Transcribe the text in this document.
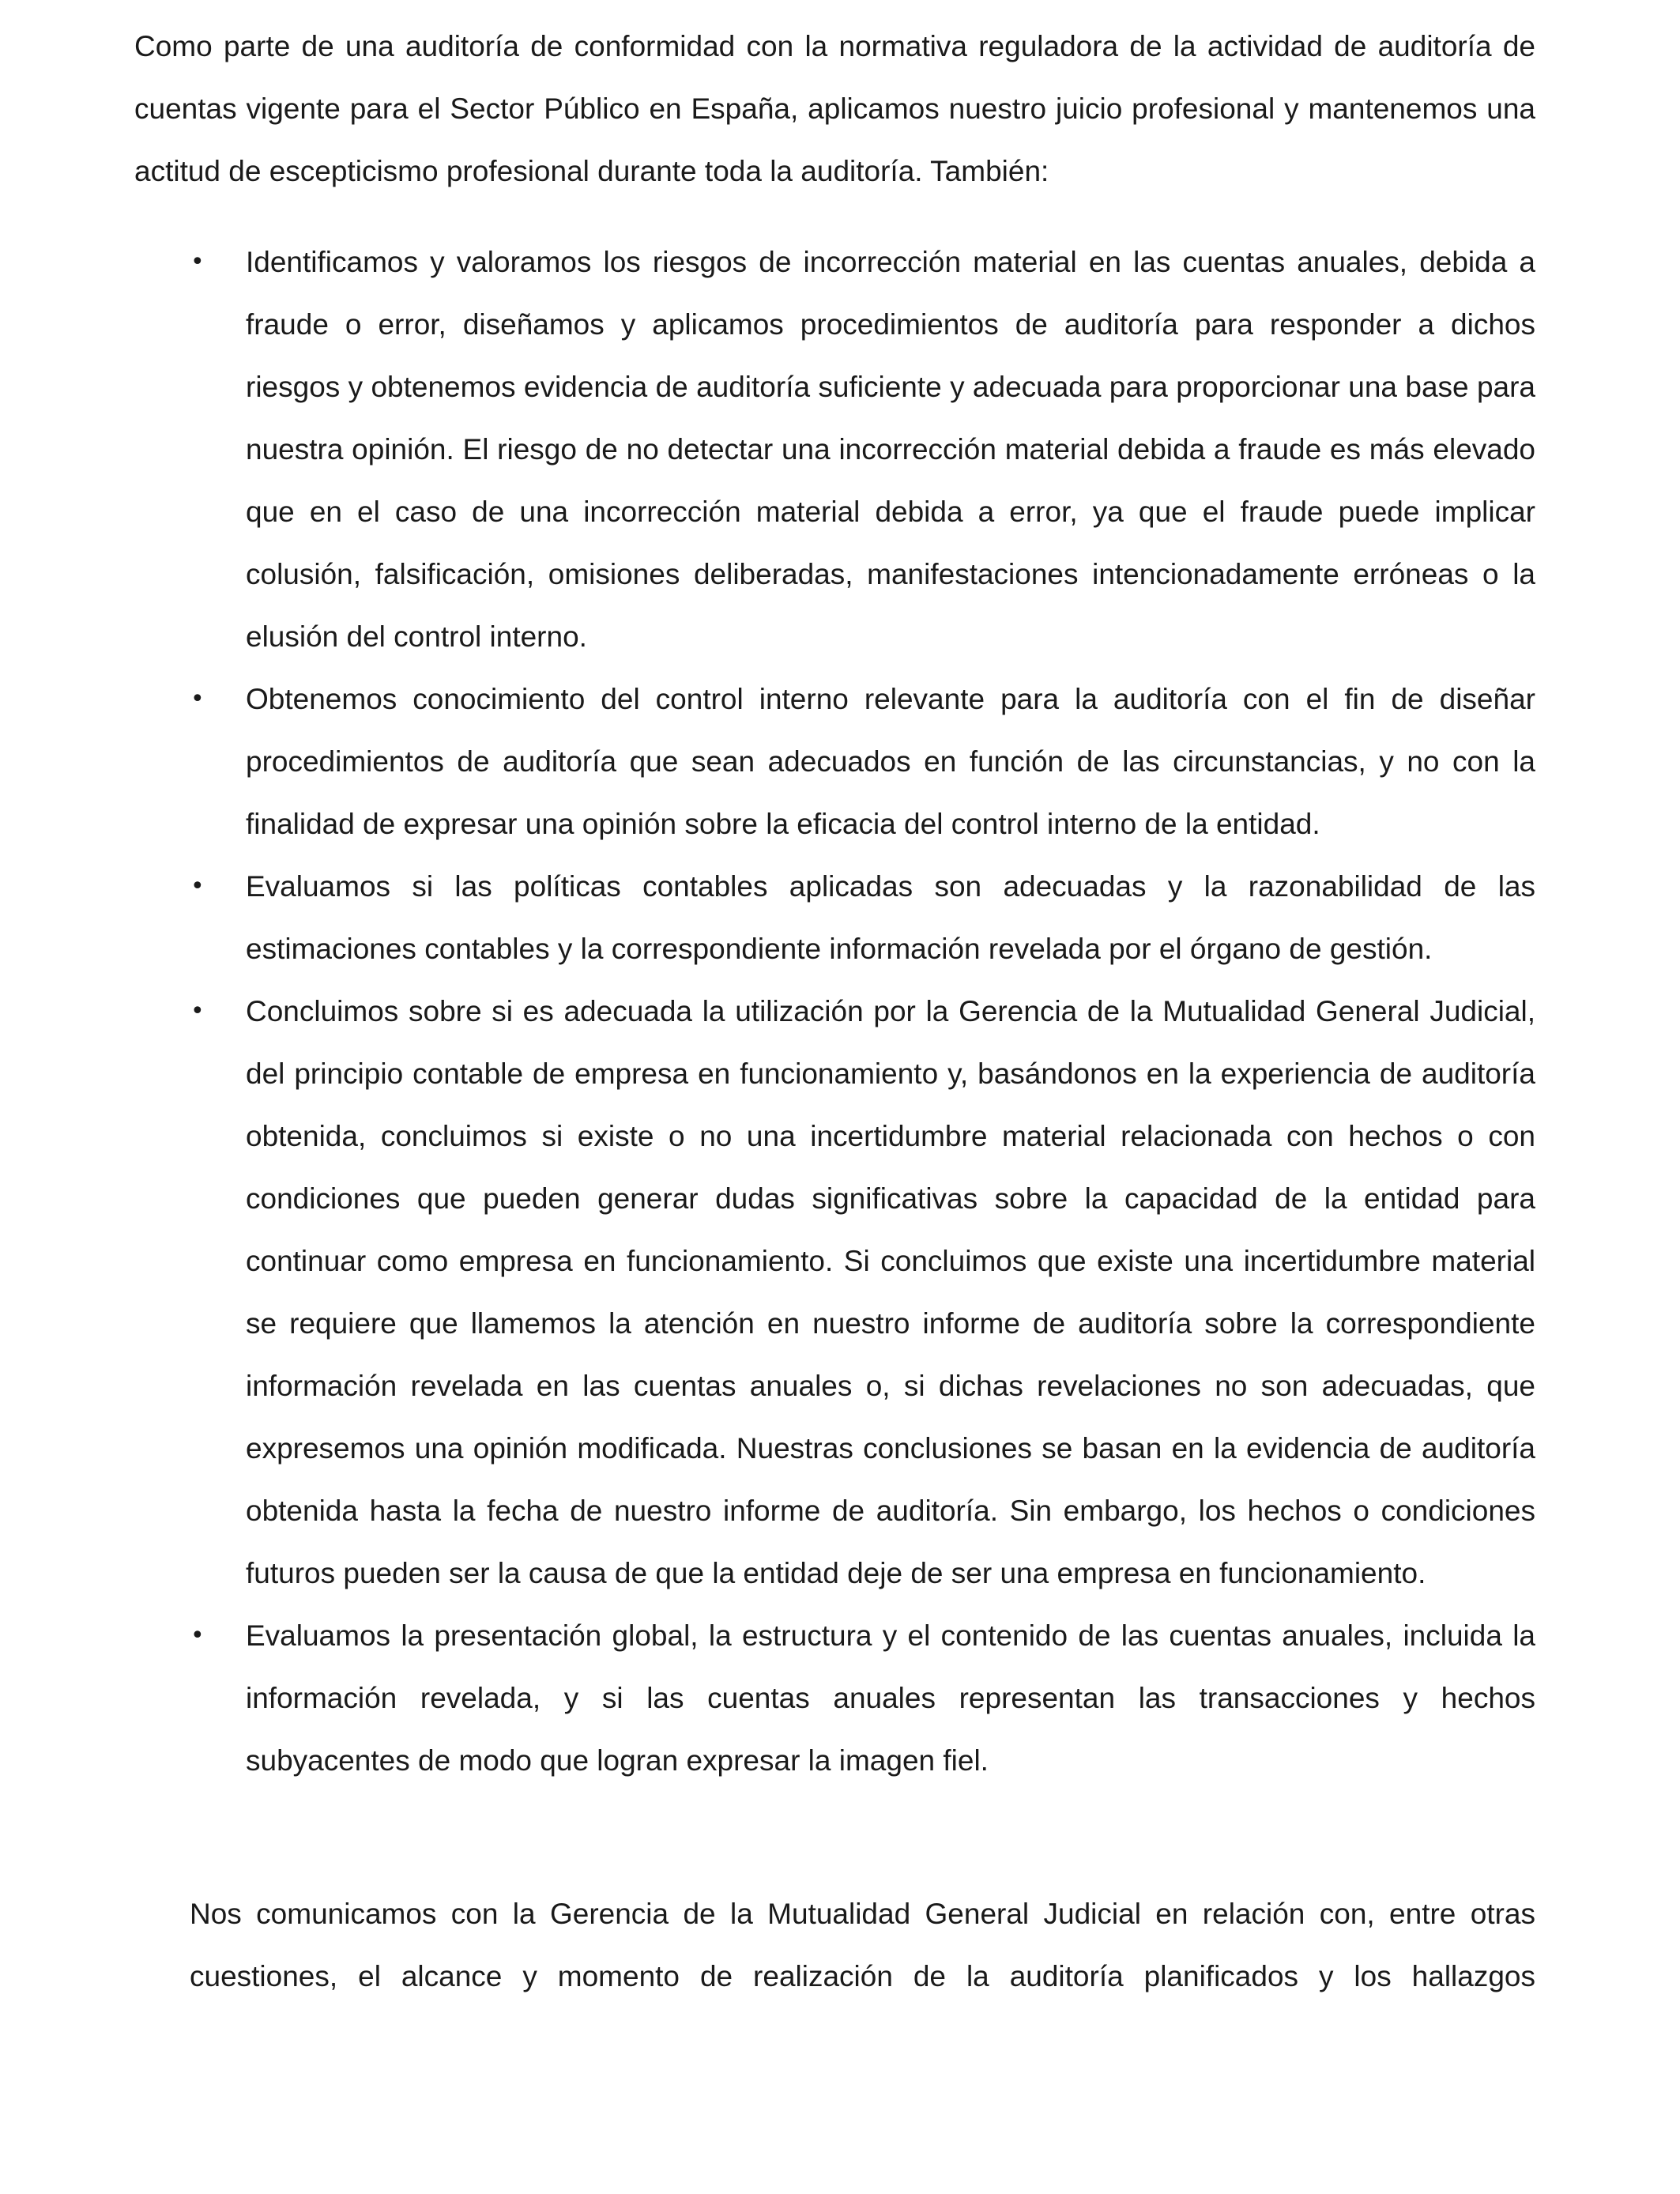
Como parte de una auditoría de conformidad con la normativa reguladora de la actividad de auditoría de cuentas vigente para el Sector Público en España, aplicamos nuestro juicio profesional y mantenemos una actitud de escepticismo profesional durante toda la auditoría. También:

• Identificamos y valoramos los riesgos de incorrección material en las cuentas anuales, debida a fraude o error, diseñamos y aplicamos procedimientos de auditoría para responder a dichos riesgos y obtenemos evidencia de auditoría suficiente y adecuada para proporcionar una base para nuestra opinión. El riesgo de no detectar una incorrección material debida a fraude es más elevado que en el caso de una incorrección material debida a error, ya que el fraude puede implicar colusión, falsificación, omisiones deliberadas, manifestaciones intencionadamente erróneas o la elusión del control interno.
• Obtenemos conocimiento del control interno relevante para la auditoría con el fin de diseñar procedimientos de auditoría que sean adecuados en función de las circunstancias, y no con la finalidad de expresar una opinión sobre la eficacia del control interno de la entidad.
• Evaluamos si las políticas contables aplicadas son adecuadas y la razonabilidad de las estimaciones contables y la correspondiente información revelada por el órgano de gestión.
• Concluimos sobre si es adecuada la utilización por la Gerencia de la Mutualidad General Judicial, del principio contable de empresa en funcionamiento y, basándonos en la experiencia de auditoría obtenida, concluimos si existe o no una incertidumbre material relacionada con hechos o con condiciones que pueden generar dudas significativas sobre la capacidad de la entidad para continuar como empresa en funcionamiento. Si concluimos que existe una incertidumbre material se requiere que llamemos la atención en nuestro informe de auditoría sobre la correspondiente información revelada en las cuentas anuales o, si dichas revelaciones no son adecuadas, que expresemos una opinión modificada. Nuestras conclusiones se basan en la evidencia de auditoría obtenida hasta la fecha de nuestro informe de auditoría. Sin embargo, los hechos o condiciones futuros pueden ser la causa de que la entidad deje de ser una empresa en funcionamiento.
• Evaluamos la presentación global, la estructura y el contenido de las cuentas anuales, incluida la información revelada, y si las cuentas anuales representan las transacciones y hechos subyacentes de modo que logran expresar la imagen fiel.

Nos comunicamos con la Gerencia de la Mutualidad General Judicial en relación con, entre otras cuestiones, el alcance y momento de realización de la auditoría planificados y los hallazgos
